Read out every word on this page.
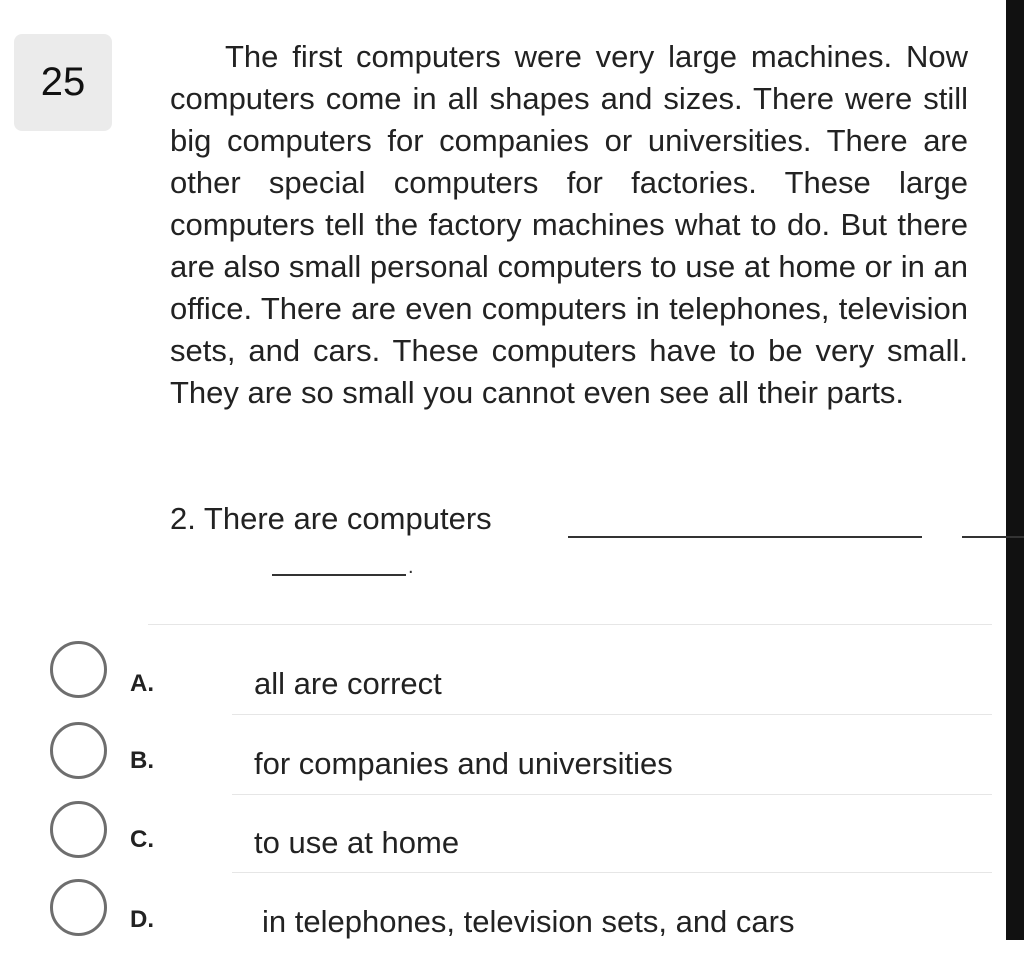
25

The first computers were very large machines. Now computers come in all shapes and sizes. There were still big computers for companies or universities. There are other special computers for factories. These large computers tell the factory machines what to do. But there are also small personal computers to use at home or in an office. There are even computers in telephones, television sets, and cars. These computers have to be very small. They are so small you cannot even see all their parts.

2. There are computers
.
A.	all are correct
B.	for companies and universities
C.	to use at home
D.	in telephones, television sets, and cars
